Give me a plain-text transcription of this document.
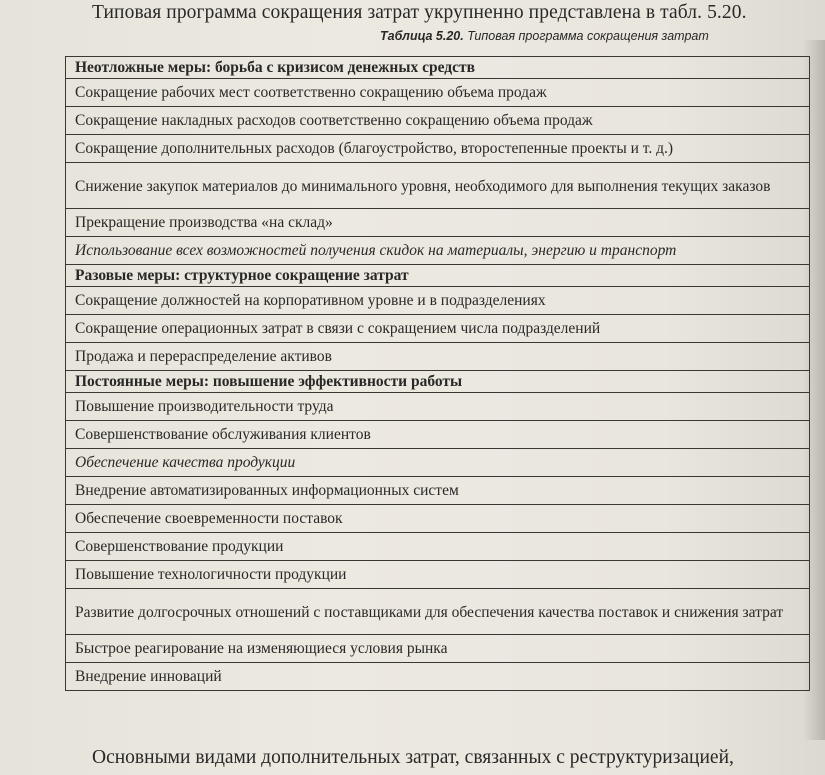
Типовая программа сокращения затрат укрупненно представлена в табл. 5.20.
Таблица 5.20. Типовая программа сокращения затрат
Неотложные меры: борьба с кризисом денежных средств
Сокращение рабочих мест соответственно сокращению объема продаж
Сокращение накладных расходов соответственно сокращению объема продаж
Сокращение дополнительных расходов (благоустройство, второстепенные проекты и т. д.)
Снижение закупок материалов до минимального уровня, необходимого для выполнения текущих заказов
Прекращение производства «на склад»
Использование всех возможностей получения скидок на материалы, энергию и транспорт
Разовые меры: структурное сокращение затрат
Сокращение должностей на корпоративном уровне и в подразделениях
Сокращение операционных затрат в связи с сокращением числа подразделений
Продажа и перераспределение активов
Постоянные меры: повышение эффективности работы
Повышение производительности труда
Совершенствование обслуживания клиентов
Обеспечение качества продукции
Внедрение автоматизированных информационных систем
Обеспечение своевременности поставок
Совершенствование продукции
Повышение технологичности продукции
Развитие долгосрочных отношений с поставщиками для обеспечения качества поставок и снижения затрат
Быстрое реагирование на изменяющиеся условия рынка
Внедрение инноваций
Основными видами дополнительных затрат, связанных с реструктуризацией,
